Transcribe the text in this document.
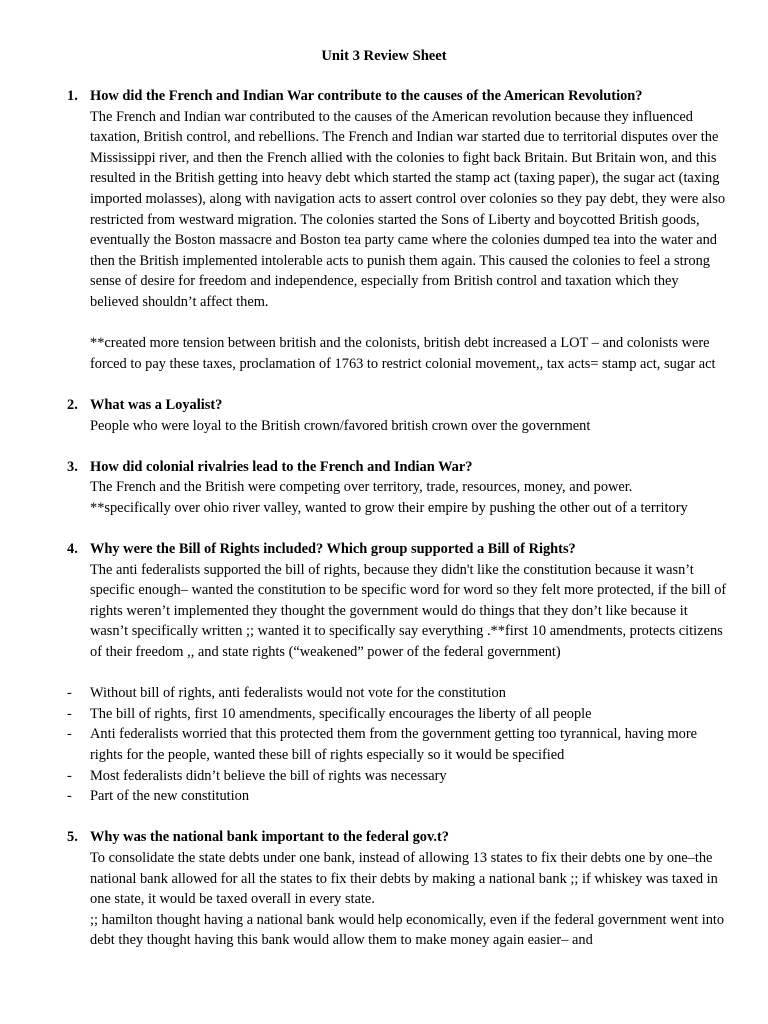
Unit 3 Review Sheet
1. How did the French and Indian War contribute to the causes of the American Revolution?

The French and Indian war contributed to the causes of the American revolution because they influenced taxation, British control, and rebellions. The French and Indian war started due to territorial disputes over the Mississippi river, and then the French allied with the colonies to fight back Britain. But Britain won, and this resulted in the British getting into heavy debt which started the stamp act (taxing paper), the sugar act (taxing imported molasses), along with navigation acts to assert control over colonies so they pay debt, they were also restricted from westward migration. The colonies started the Sons of Liberty and boycotted British goods, eventually the Boston massacre and Boston tea party came where the colonies dumped tea into the water and then the British implemented intolerable acts to punish them again. This caused the colonies to feel a strong sense of desire for freedom and independence, especially from British control and taxation which they believed shouldn’t affect them.

**created more tension between british and the colonists, british debt increased a LOT – and colonists were forced to pay these taxes, proclamation of 1763 to restrict colonial movement,, tax acts= stamp act, sugar act

2. What was a Loyalist?

People who were loyal to the British crown/favored british crown over the government

3. How did colonial rivalries lead to the French and Indian War?

The French and the British were competing over territory, trade, resources, money, and power.

**specifically over ohio river valley, wanted to grow their empire by pushing the other out of a territory

4. Why were the Bill of Rights included? Which group supported a Bill of Rights?

The anti federalists supported the bill of rights, because they didn't like the constitution because it wasn’t specific enough– wanted the constitution to be specific word for word so they felt more protected, if the bill of rights weren’t implemented they thought the government would do things that they don’t like because it wasn’t specifically written ;; wanted it to specifically say everything .**first 10 amendments, protects citizens of their freedom ,, and state rights (“weakened” power of the federal government)

- Without bill of rights, anti federalists would not vote for the constitution
- The bill of rights, first 10 amendments, specifically encourages the liberty of all people
- Anti federalists worried that this protected them from the government getting too tyrannical, having more rights for the people, wanted these bill of rights especially so it would be specified
- Most federalists didn’t believe the bill of rights was necessary
- Part of the new constitution
5. Why was the national bank important to the federal gov.t?

To consolidate the state debts under one bank, instead of allowing 13 states to fix their debts one by one–the national bank allowed for all the states to fix their debts by making a national bank ;; if whiskey was taxed in one state, it would be taxed overall in every state.

;; hamilton thought having a national bank would help economically, even if the federal government went into debt they thought having this bank would allow them to make money again easier– and
